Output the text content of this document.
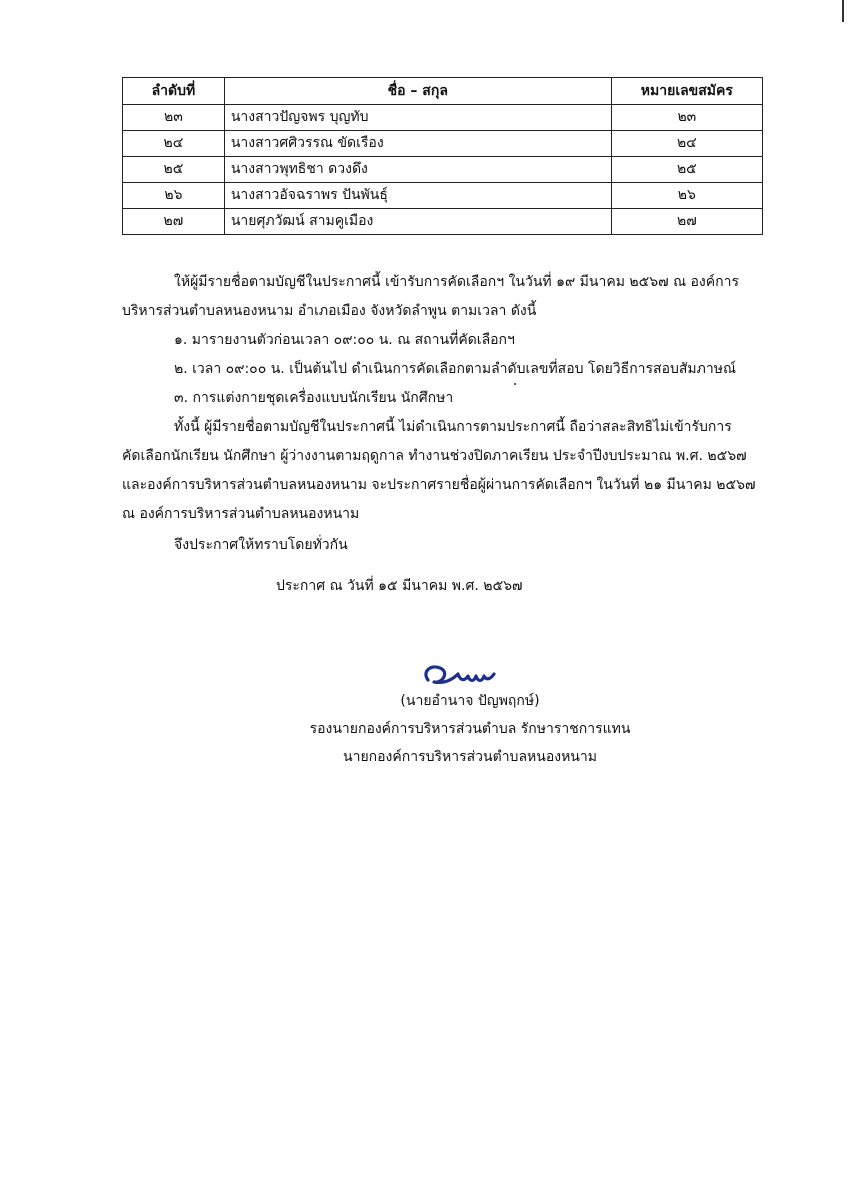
ลำดับที่	ชื่อ – สกุล	หมายเลขสมัคร
๒๓	นางสาวปัญจพร บุญทับ	๒๓
๒๔	นางสาวศศิวรรณ ขัดเรือง	๒๔
๒๕	นางสาวพุทธิชา ดวงดึง	๒๕
๒๖	นางสาวอัจฉราพร ปันพันธุ์	๒๖
๒๗	นายศุภวัฒน์ สามคูเมือง	๒๗
ให้ผู้มีรายชื่อตามบัญชีในประกาศนี้ เข้ารับการคัดเลือกฯ ในวันที่ ๑๙ มีนาคม ๒๕๖๗ ณ องค์การ
บริหารส่วนตำบลหนองหนาม อำเภอเมือง จังหวัดลำพูน ตามเวลา ดังนี้
๑. มารายงานตัวก่อนเวลา ๐๙:๐๐ น. ณ สถานที่คัดเลือกฯ
๒. เวลา ๐๙:๐๐ น. เป็นต้นไป ดำเนินการคัดเลือกตามลำดับเลขที่สอบ โดยวิธีการสอบสัมภาษณ์
๓. การแต่งกายชุดเครื่องแบบนักเรียน นักศึกษา
ทั้งนี้ ผู้มีรายชื่อตามบัญชีในประกาศนี้ ไม่ดำเนินการตามประกาศนี้ ถือว่าสละสิทธิไม่เข้ารับการ
คัดเลือกนักเรียน นักศึกษา ผู้ว่างงานตามฤดูกาล ทำงานช่วงปิดภาคเรียน ประจำปีงบประมาณ พ.ศ. ๒๕๖๗
และองค์การบริหารส่วนตำบลหนองหนาม จะประกาศรายชื่อผู้ผ่านการคัดเลือกฯ ในวันที่ ๒๑ มีนาคม ๒๕๖๗
ณ องค์การบริหารส่วนตำบลหนองหนาม
จึงประกาศให้ทราบโดยทั่วกัน
ประกาศ ณ วันที่ ๑๕ มีนาคม พ.ศ. ๒๕๖๗
(นายอำนาจ ปัญพฤกษ์)
รองนายกองค์การบริหารส่วนตำบล รักษาราชการแทน
นายกองค์การบริหารส่วนตำบลหนองหนาม
